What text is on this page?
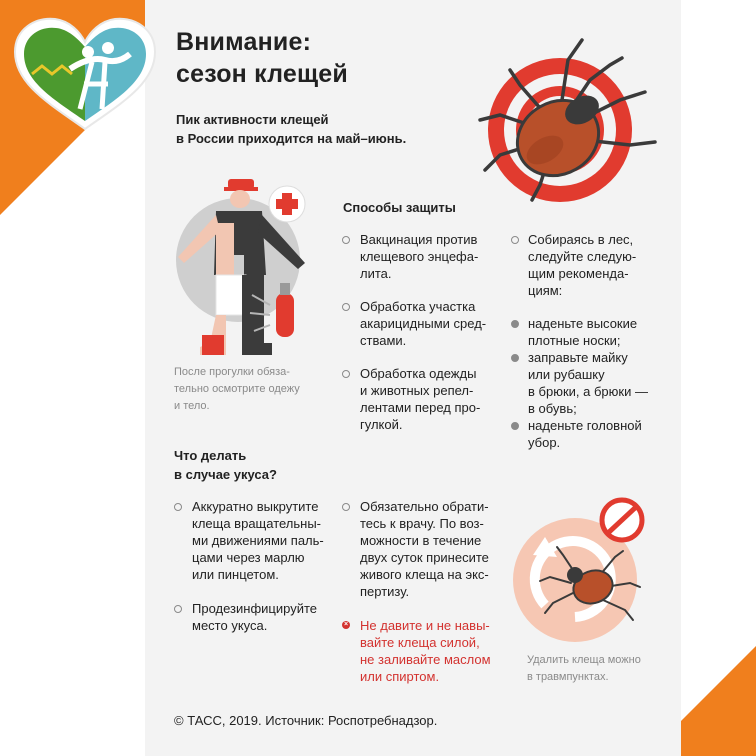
Внимание:
сезон клещей
Пик активности клещей
в России приходится на май–июнь.
После прогулки обяза-
тельно осмотрите одежу
и тело.
Способы защиты
Вакцинация против
клещевого энцефа-
лита.
Обработка участка
акарицидными сред-
ствами.
Обработка одежды
и животных репел-
лентами перед про-
гулкой.
Собираясь в лес,
следуйте следую-
щим рекоменда-
циям:
наденьте высокие
плотные носки;
заправьте майку
или рубашку
в брюки, а брюки —
в обувь;
наденьте головной
убор.
Что делать
в случае укуса?
Аккуратно выкрутите
клеща вращательны-
ми движениями паль-
цами через марлю
или пинцетом.
Продезинфицируйте
место укуса.
Обязательно обрати-
тесь к врачу. По воз-
можности в течение
двух суток принесите
живого клеща на экс-
пертизу.
× Не давите и не навы-
вайте клеща силой,
не заливайте маслом
или спиртом.
Удалить клеща можно
в травмпунктах.
© ТАСС, 2019. Источник: Роспотребнадзор.
